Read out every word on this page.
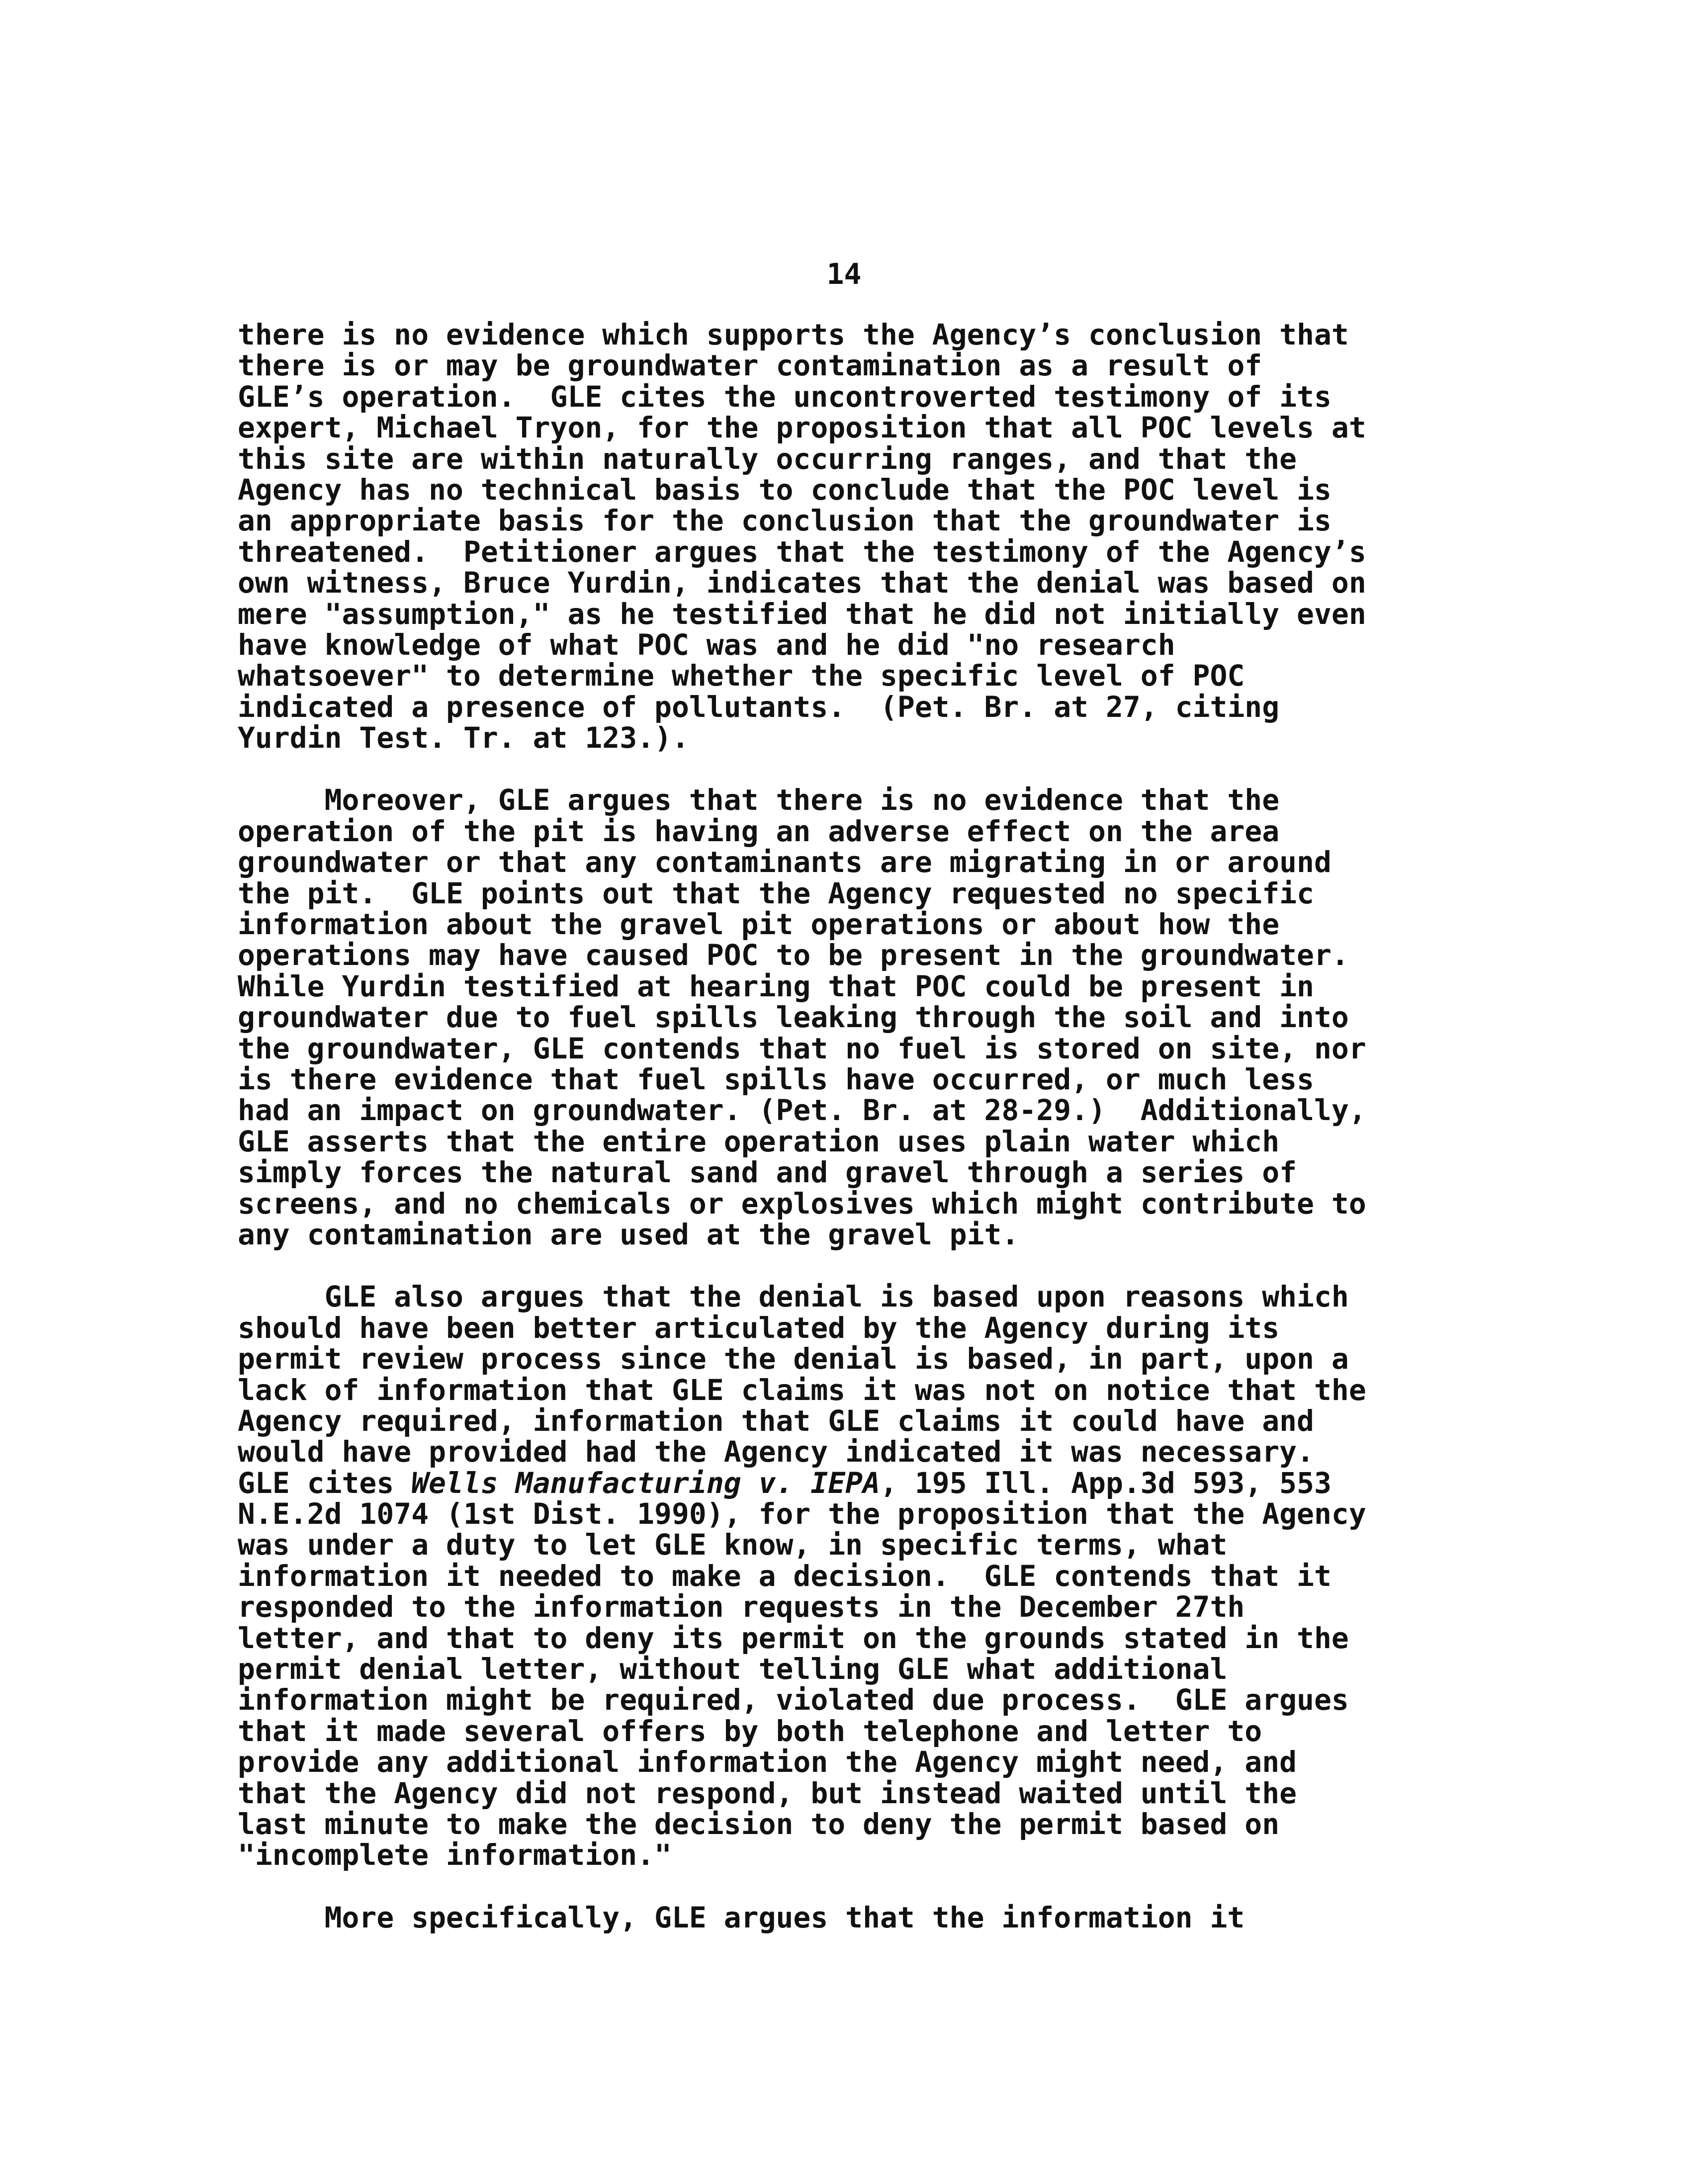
14

there is no evidence which supports the Agency’s conclusion that
there is or may be groundwater contamination as a result of
GLE’s operation.  GLE cites the uncontroverted testimony of its
expert, Michael Tryon, for the proposition that all POC levels at
this site are within naturally occurring ranges, and that the
Agency has no technical basis to conclude that the POC level is
an appropriate basis for the conclusion that the groundwater is
threatened.  Petitioner argues that the testimony of the Agency’s
own witness, Bruce Yurdin, indicates that the denial was based on
mere "assumption," as he testified that he did not initially even
have knowledge of what POC was and he did "no research
whatsoever" to determine whether the specific level of POC
indicated a presence of pollutants.  (Pet. Br. at 27, citing
Yurdin Test. Tr. at 123.).

Moreover, GLE argues that there is no evidence that the
operation of the pit is having an adverse effect on the area
groundwater or that any contaminants are migrating in or around
the pit.  GLE points out that the Agency requested no specific
information about the gravel pit operations or about how the
operations may have caused POC to be present in the groundwater.
While Yurdin testified at hearing that POC could be present in
groundwater due to fuel spills leaking through the soil and into
the groundwater, GLE contends that no fuel is stored on site, nor
is there evidence that fuel spills have occurred, or much less
had an impact on groundwater. (Pet. Br. at 28-29.)  Additionally,
GLE asserts that the entire operation uses plain water which
simply forces the natural sand and gravel through a series of
screens, and no chemicals or explosives which might contribute to
any contamination are used at the gravel pit.

GLE also argues that the denial is based upon reasons which
should have been better articulated by the Agency during its
permit review process since the denial is based, in part, upon a
lack of information that GLE claims it was not on notice that the
Agency required, information that GLE claims it could have and
would have provided had the Agency indicated it was necessary.
GLE cites Wells Manufacturing v. IEPA, 195 Ill. App.3d 593, 553
N.E.2d 1074 (1st Dist. 1990), for the proposition that the Agency
was under a duty to let GLE know, in specific terms, what
information it needed to make a decision.  GLE contends that it
responded to the information requests in the December 27th
letter, and that to deny its permit on the grounds stated in the
permit denial letter, without telling GLE what additional
information might be required, violated due process.  GLE argues
that it made several offers by both telephone and letter to
provide any additional information the Agency might need, and
that the Agency did not respond, but instead waited until the
last minute to make the decision to deny the permit based on
"incomplete information."

More specifically, GLE argues that the information it
